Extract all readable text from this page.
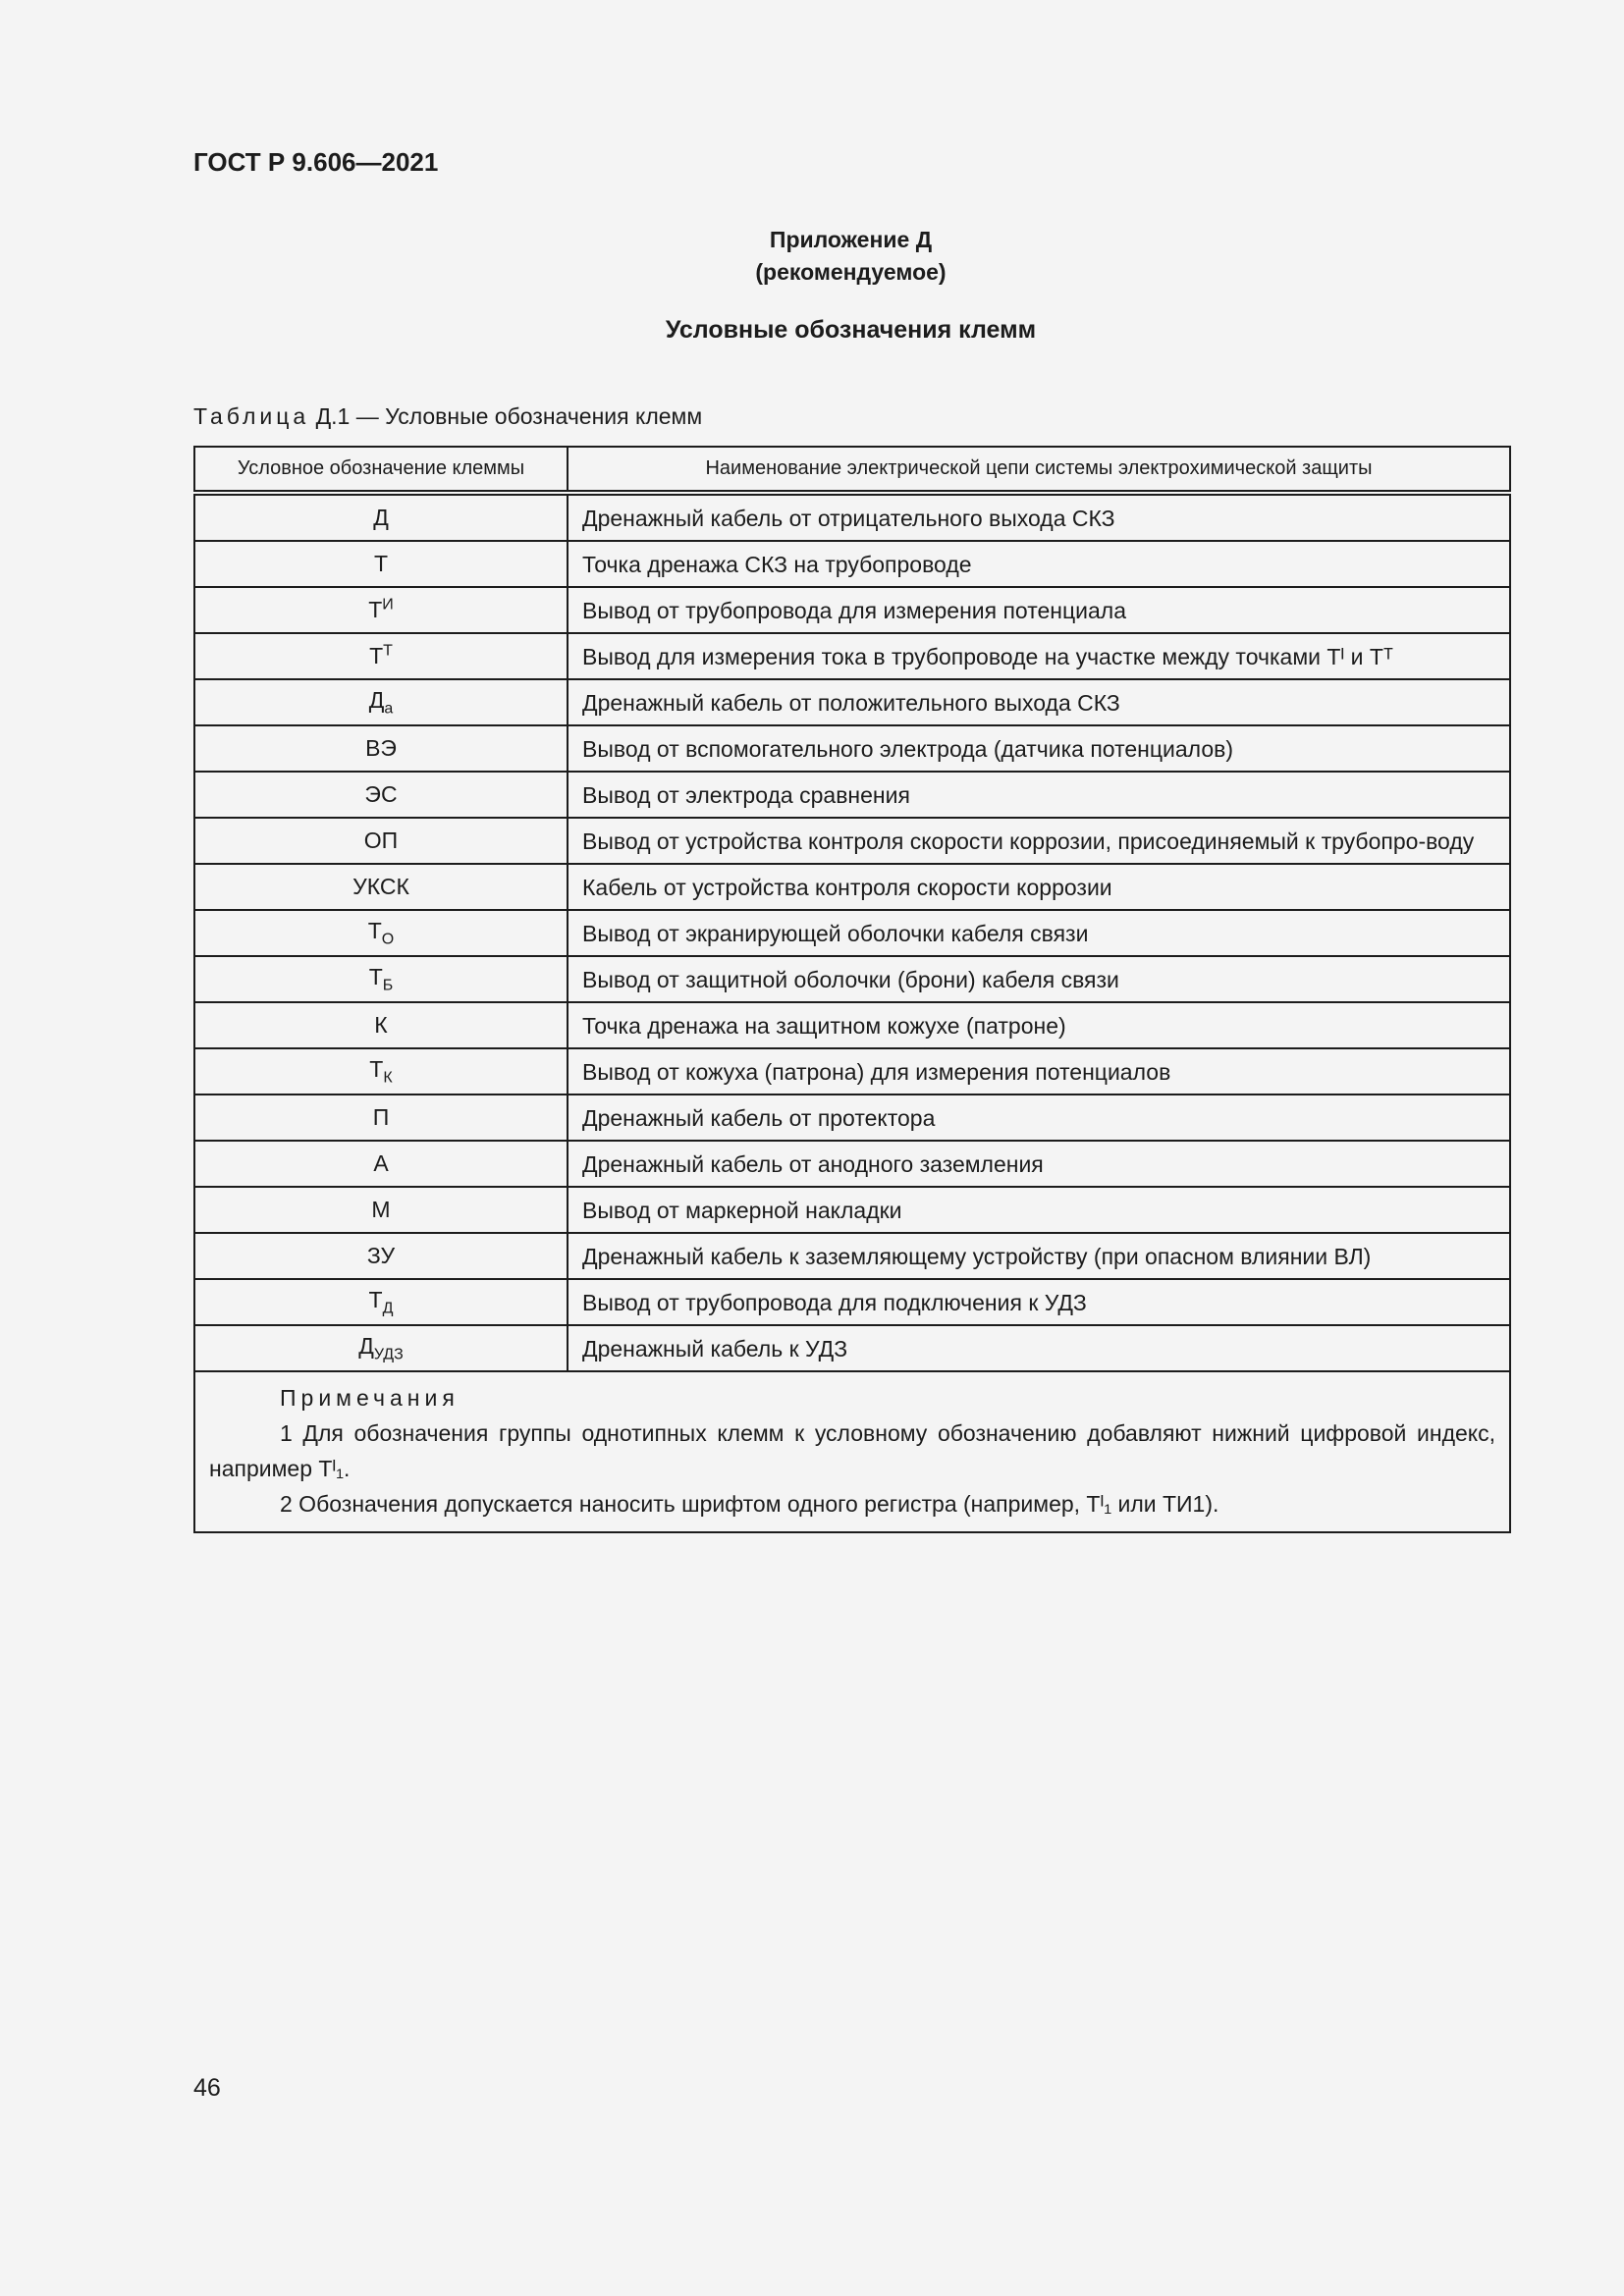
ГОСТ Р 9.606—2021
Приложение Д
(рекомендуемое)
Условные обозначения клемм
Таблица Д.1 — Условные обозначения клемм
Условное обозначение клеммы	Наименование электрической цепи системы электрохимической защиты
Д	Дренажный кабель от отрицательного выхода СКЗ
Т	Точка дренажа СКЗ на трубопроводе
$Т^И$	Вывод от трубопровода для измерения потенциала
$Т^Т$	Вывод для измерения тока в трубопроводе на участке между точками Тᴵ и Тᵀ
$Д_а$	Дренажный кабель от положительного выхода СКЗ
ВЭ	Вывод от вспомогательного электрода (датчика потенциалов)
ЭС	Вывод от электрода сравнения
ОП	Вывод от устройства контроля скорости коррозии, присоединяемый к трубопро-воду
УКСК	Кабель от устройства контроля скорости коррозии
$Т_О$	Вывод от экранирующей оболочки кабеля связи
$Т_Б$	Вывод от защитной оболочки (брони) кабеля связи
К	Точка дренажа на защитном кожухе (патроне)
$Т_К$	Вывод от кожуха (патрона) для измерения потенциалов
П	Дренажный кабель от протектора
А	Дренажный кабель от анодного заземления
М	Вывод от маркерной накладки
ЗУ	Дренажный кабель к заземляющему устройству (при опасном влиянии ВЛ)
$Т_Д$	Вывод от трубопровода для подключения к УДЗ
$Д_{УДЗ}$	Дренажный кабель к УДЗ

Примечания
1 Для обозначения группы однотипных клемм к условному обозначению добавляют нижний цифровой индекс, например Тᴵ₁.
2 Обозначения допускается наносить шрифтом одного регистра (например, Тᴵ₁ или ТИ1).	
46
